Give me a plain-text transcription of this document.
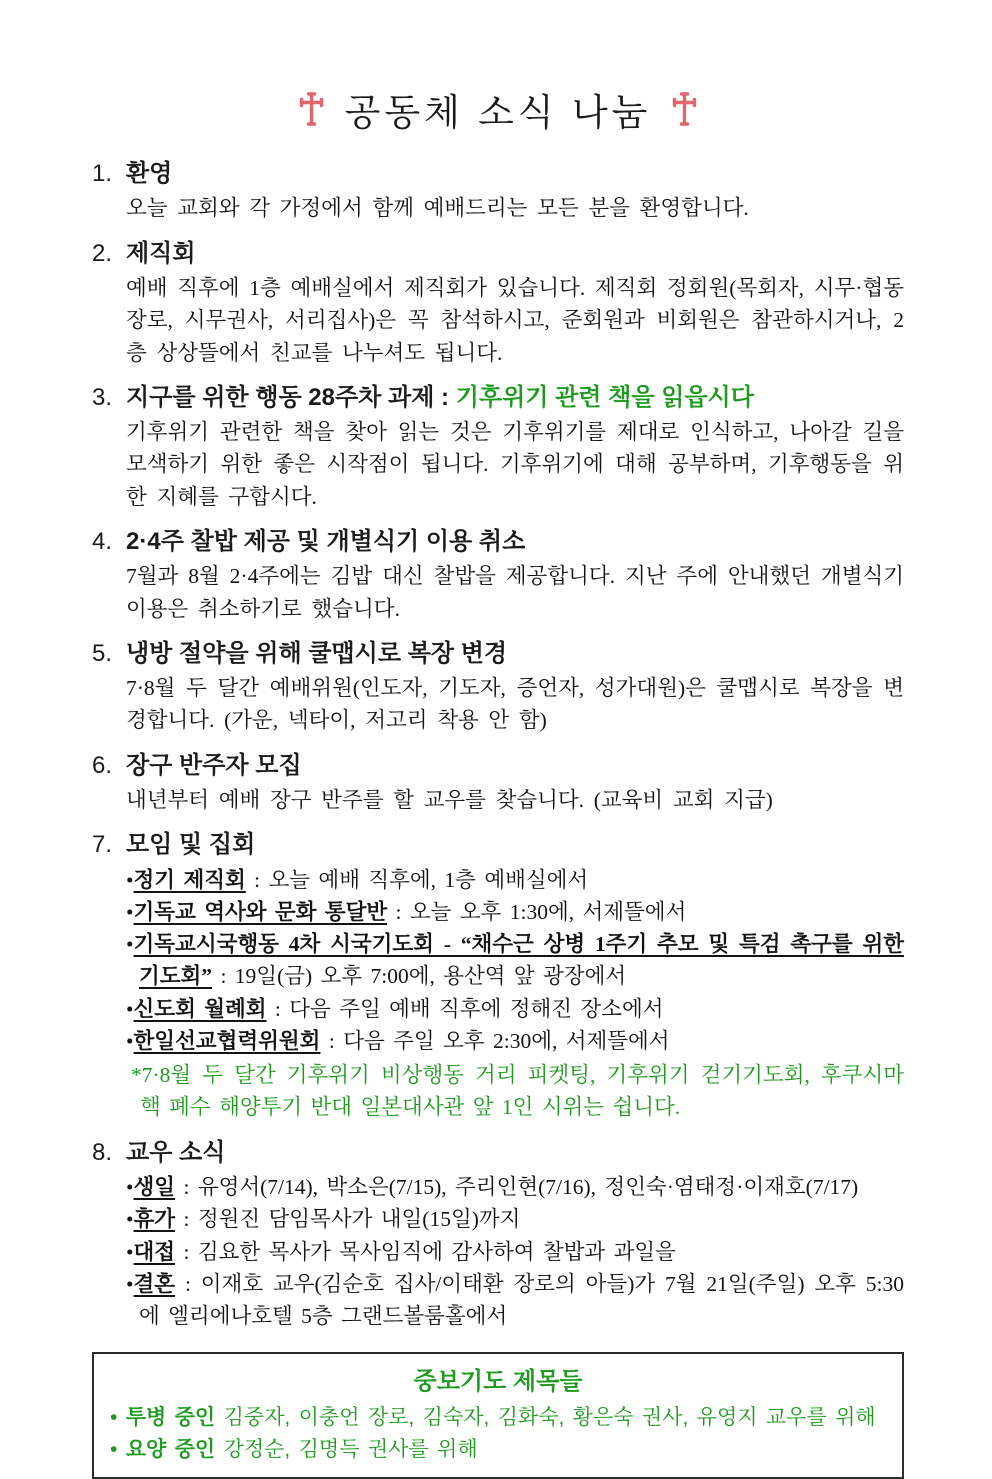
공동체 소식 나눔
1. 환영

오늘 교회와 각 가정에서 함께 예배드리는 모든 분을 환영합니다.

2. 제직회

예배 직후에 1층 예배실에서 제직회가 있습니다. 제직회 정회원(목회자, 시무·협동장로, 시무권사, 서리집사)은 꼭 참석하시고, 준회원과 비회원은 참관하시거나, 2층 상상뜰에서 친교를 나누셔도 됩니다.

3. 지구를 위한 행동 28주차 과제 : 기후위기 관련 책을 읽읍시다

기후위기 관련한 책을 찾아 읽는 것은 기후위기를 제대로 인식하고, 나아갈 길을 모색하기 위한 좋은 시작점이 됩니다. 기후위기에 대해 공부하며, 기후행동을 위한 지혜를 구합시다.

4. 2·4주 찰밥 제공 및 개별식기 이용 취소

7월과 8월 2·4주에는 김밥 대신 찰밥을 제공합니다. 지난 주에 안내했던 개별식기 이용은 취소하기로 했습니다.

5. 냉방 절약을 위해 쿨맵시로 복장 변경

7·8월 두 달간 예배위원(인도자, 기도자, 증언자, 성가대원)은 쿨맵시로 복장을 변경합니다. (가운, 넥타이, 저고리 착용 안 함)

6. 장구 반주자 모집

내년부터 예배 장구 반주를 할 교우를 찾습니다. (교육비 교회 지급)

7. 모임 및 집회

•정기 제직회 : 오늘 예배 직후에, 1층 예배실에서

•기독교 역사와 문화 통달반 : 오늘 오후 1:30에, 서제뜰에서

•기독교시국행동 4차 시국기도회 - “채수근 상병 1주기 추모 및 특검 촉구를 위한 기도회” : 19일(금) 오후 7:00에, 용산역 앞 광장에서

•신도회 월례회 : 다음 주일 예배 직후에 정해진 장소에서

•한일선교협력위원회 : 다음 주일 오후 2:30에, 서제뜰에서

*7·8월 두 달간 기후위기 비상행동 거리 피켓팅, 기후위기 걷기기도회, 후쿠시마 핵 폐수 해양투기 반대 일본대사관 앞 1인 시위는 쉽니다.

8. 교우 소식

•생일 : 유영서(7/14), 박소은(7/15), 주리인현(7/16), 정인숙·염태정·이재호(7/17)

•휴가 : 정원진 담임목사가 내일(15일)까지

•대접 : 김요한 목사가 목사임직에 감사하여 찰밥과 과일을

•결혼 : 이재호 교우(김순호 집사/이태환 장로의 아들)가 7월 21일(주일) 오후 5:30에 엘리에나호텔 5층 그랜드볼룸홀에서

중보기도 제목들

• 투병 중인 김중자, 이충언 장로, 김숙자, 김화숙, 황은숙 권사, 유영지 교우를 위해

• 요양 중인 강정순, 김명득 권사를 위해
